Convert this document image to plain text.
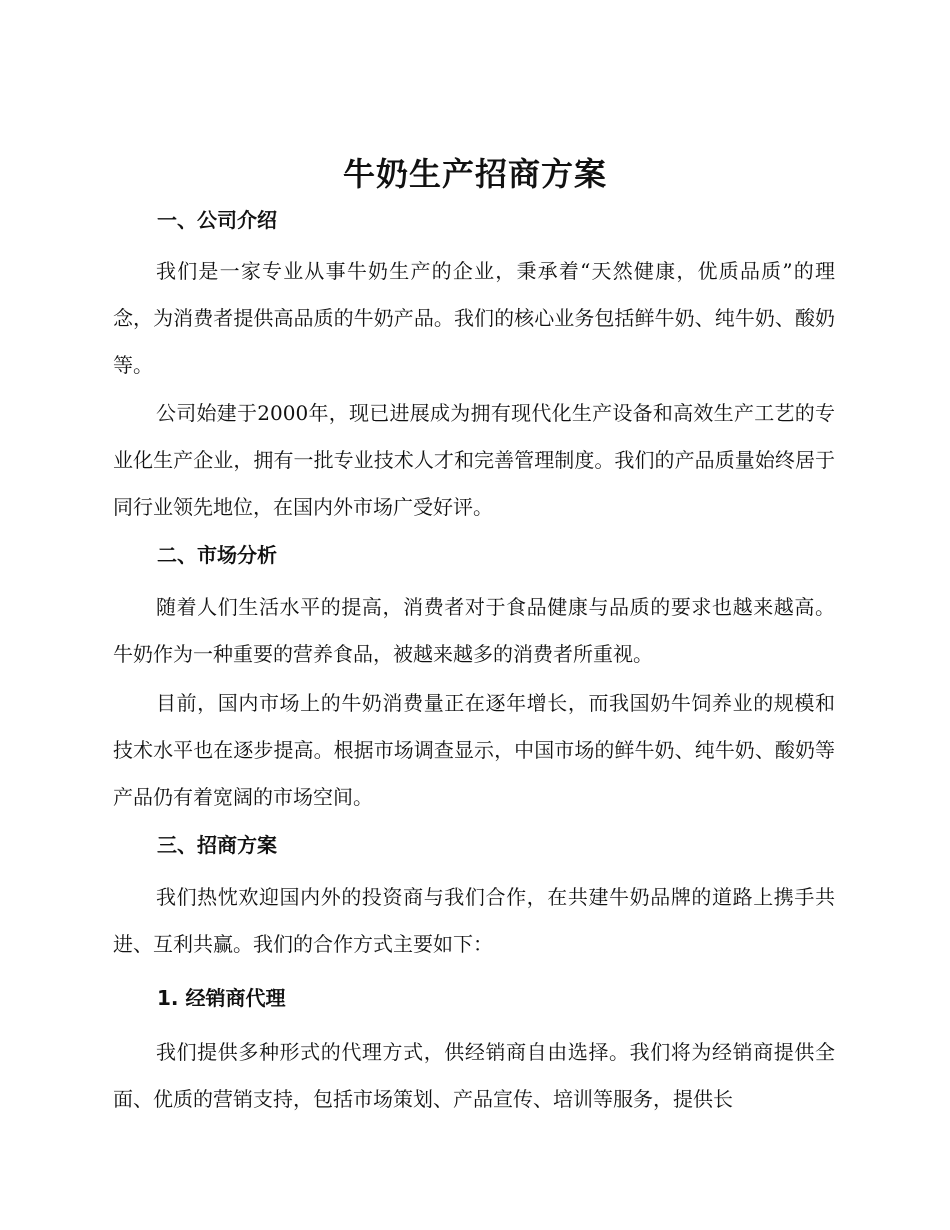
牛奶生产招商方案
一、公司介绍

我们是一家专业从事牛奶生产的企业，秉承着“天然健康，优质品质”的理念，为消费者提供高品质的牛奶产品。我们的核心业务包括鲜牛奶、纯牛奶、酸奶等。

公司始建于2000年，现已进展成为拥有现代化生产设备和高效生产工艺的专业化生产企业，拥有一批专业技术人才和完善管理制度。我们的产品质量始终居于同行业领先地位，在国内外市场广受好评。

二、市场分析

随着人们生活水平的提高，消费者对于食品健康与品质的要求也越来越高。牛奶作为一种重要的营养食品，被越来越多的消费者所重视。

目前，国内市场上的牛奶消费量正在逐年增长，而我国奶牛饲养业的规模和技术水平也在逐步提高。根据市场调查显示，中国市场的鲜牛奶、纯牛奶、酸奶等产品仍有着宽阔的市场空间。

三、招商方案

我们热忱欢迎国内外的投资商与我们合作，在共建牛奶品牌的道路上携手共进、互利共赢。我们的合作方式主要如下：

1. 经销商代理

我们提供多种形式的代理方式，供经销商自由选择。我们将为经销商提供全面、优质的营销支持，包括市场策划、产品宣传、培训等服务，提供长
